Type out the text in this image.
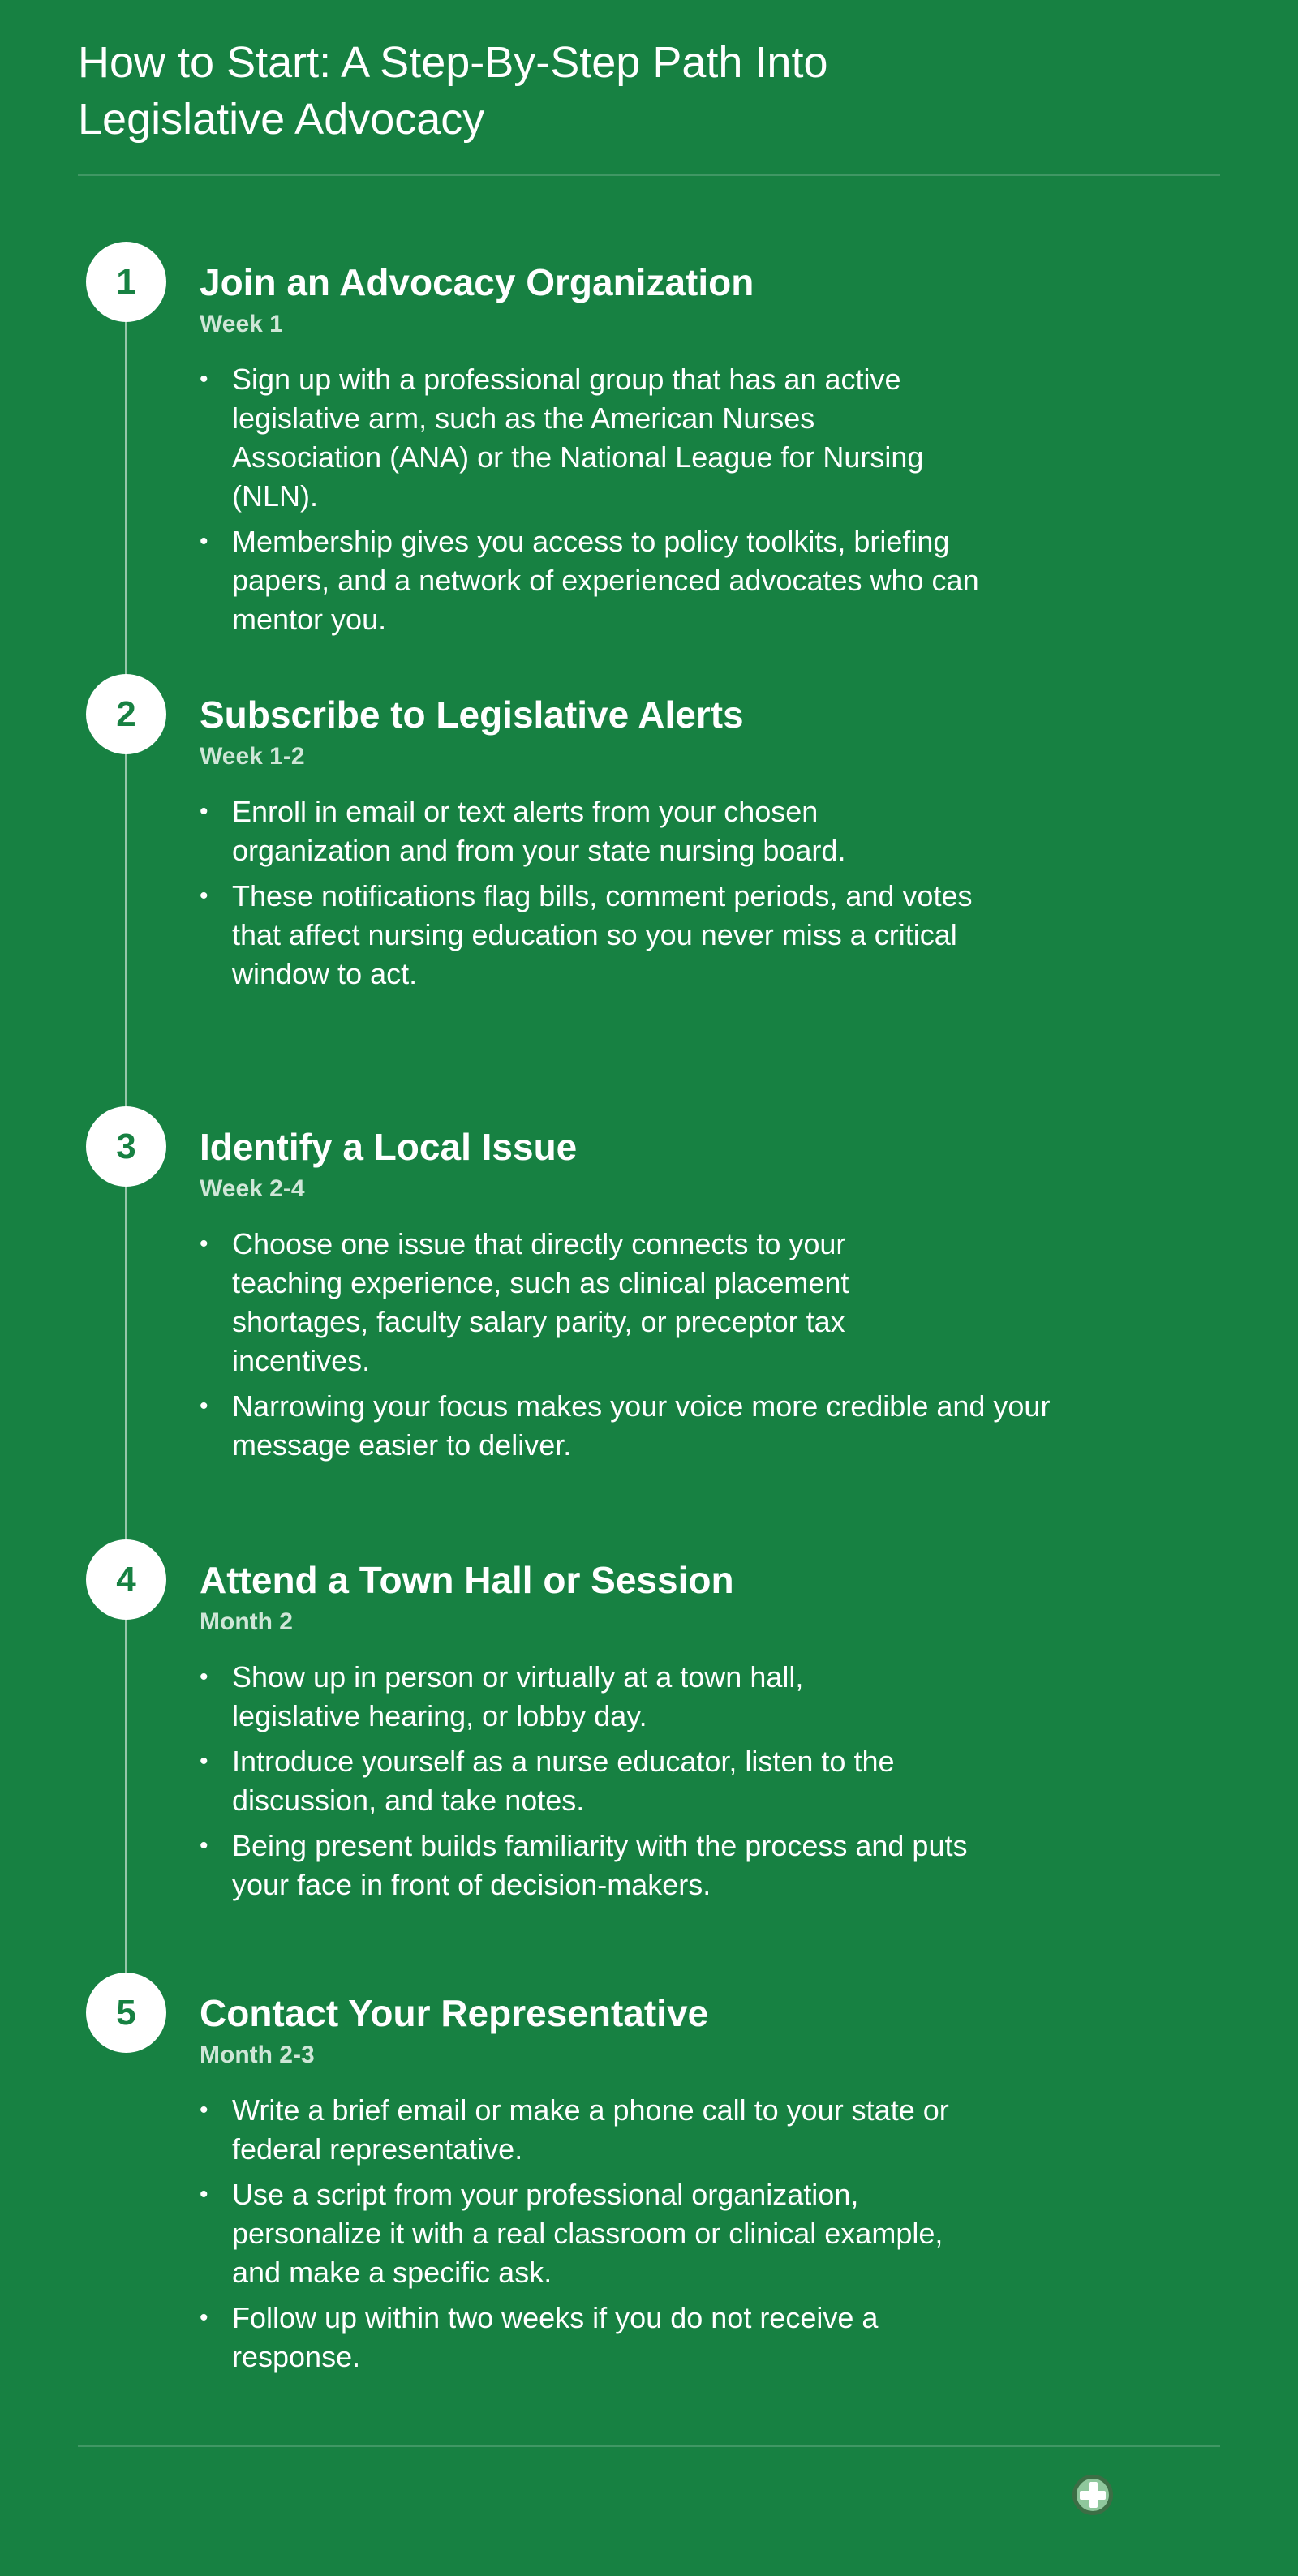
How to Start: A Step-By-Step Path Into
Legislative Advocacy
1	Join an Advocacy Organization
Week 1
• Sign up with a professional group that has an active legislative arm, such as the American Nurses Association (ANA) or the National League for Nursing (NLN).
• Membership gives you access to policy toolkits, briefing papers, and a network of experienced advocates who can mentor you.
2	Subscribe to Legislative Alerts
Week 1-2
• Enroll in email or text alerts from your chosen organization and from your state nursing board.
• These notifications flag bills, comment periods, and votes that affect nursing education so you never miss a critical window to act.
3	Identify a Local Issue
Week 2-4
• Choose one issue that directly connects to your teaching experience, such as clinical placement shortages, faculty salary parity, or preceptor tax incentives.
• Narrowing your focus makes your voice more credible and your message easier to deliver.
4	Attend a Town Hall or Session
Month 2
• Show up in person or virtually at a town hall, legislative hearing, or lobby day.
• Introduce yourself as a nurse educator, listen to the discussion, and take notes.
• Being present builds familiarity with the process and puts your face in front of decision-makers.
5	Contact Your Representative
Month 2-3
• Write a brief email or make a phone call to your state or federal representative.
• Use a script from your professional organization, personalize it with a real classroom or clinical example, and make a specific ask.
• Follow up within two weeks if you do not receive a response.
